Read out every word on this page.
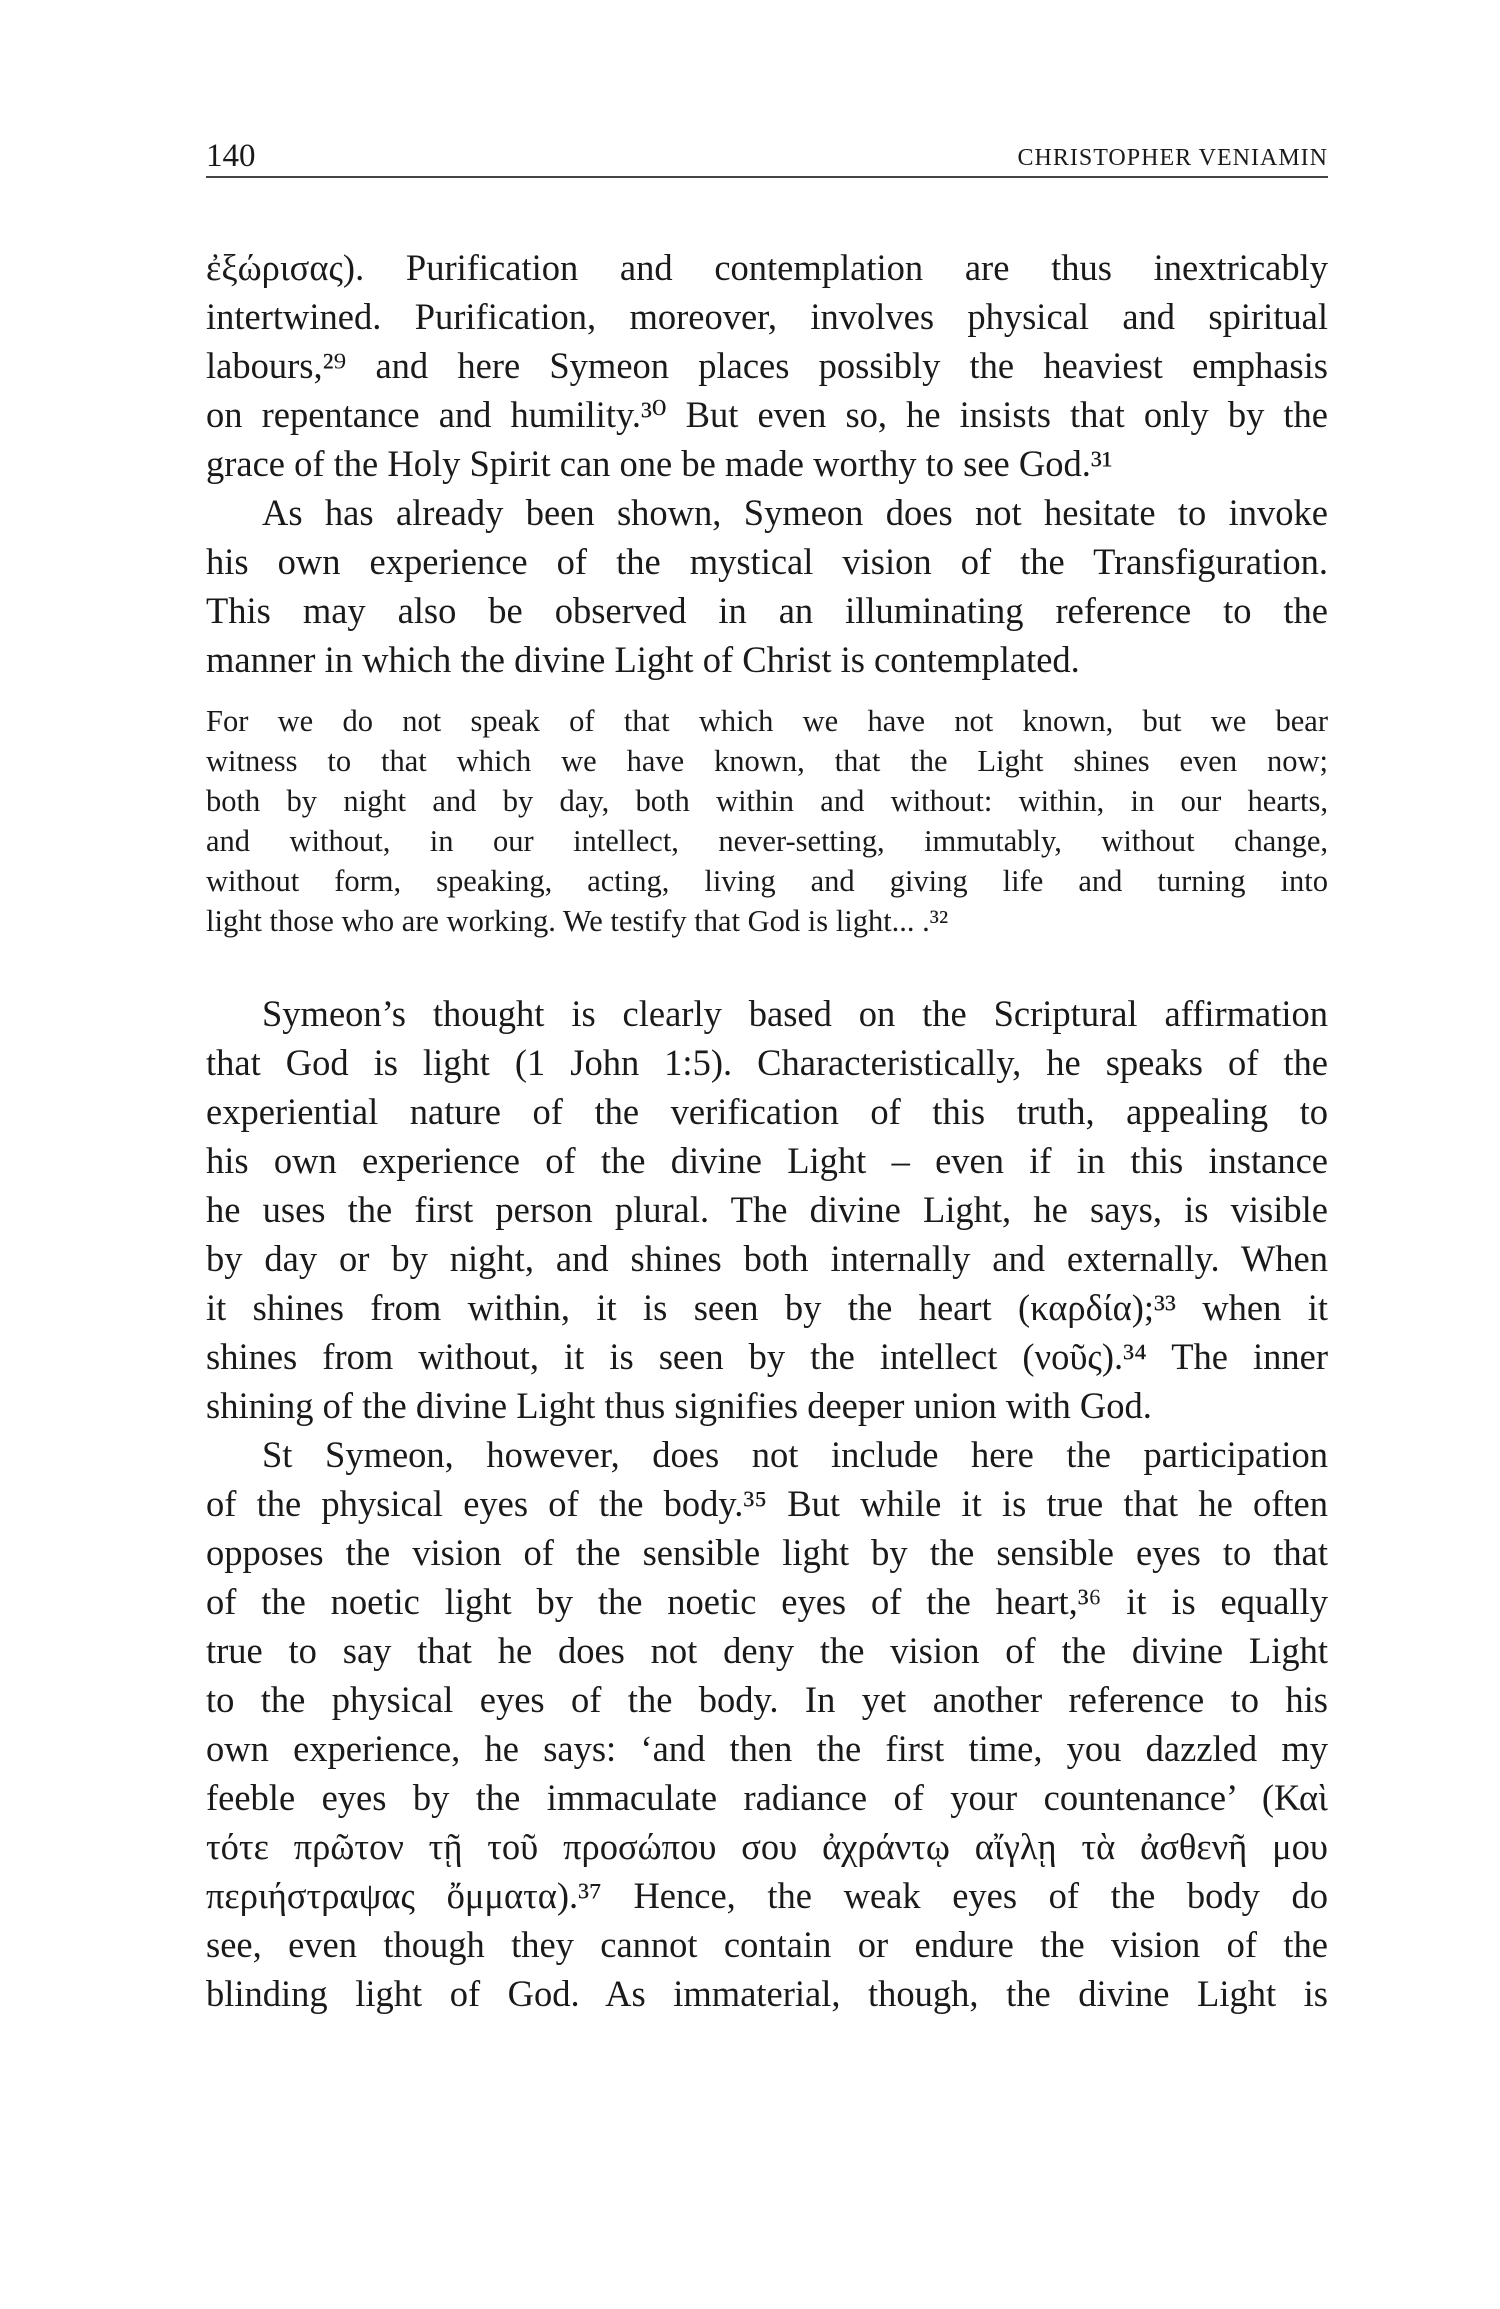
140	CHRISTOPHER VENIAMIN
ἐξώρισας). Purification and contemplation are thus inextricably
intertwined. Purification, moreover, involves physical and spiritual
labours,²⁹ and here Symeon places possibly the heaviest emphasis
on repentance and humility.³⁰ But even so, he insists that only by the
grace of the Holy Spirit can one be made worthy to see God.³¹
As has already been shown, Symeon does not hesitate to invoke
his own experience of the mystical vision of the Transfiguration.
This may also be observed in an illuminating reference to the
manner in which the divine Light of Christ is contemplated.
For we do not speak of that which we have not known, but we bear
witness to that which we have known, that the Light shines even now;
both by night and by day, both within and without: within, in our hearts,
and without, in our intellect, never-setting, immutably, without change,
without form, speaking, acting, living and giving life and turning into
light those who are working. We testify that God is light... .³²
Symeon’s thought is clearly based on the Scriptural affirmation
that God is light (1 John 1:5). Characteristically, he speaks of the
experiential nature of the verification of this truth, appealing to
his own experience of the divine Light – even if in this instance
he uses the first person plural. The divine Light, he says, is visible
by day or by night, and shines both internally and externally. When
it shines from within, it is seen by the heart (καρδία);³³ when it
shines from without, it is seen by the intellect (νοῦς).³⁴ The inner
shining of the divine Light thus signifies deeper union with God.
St Symeon, however, does not include here the participation
of the physical eyes of the body.³⁵ But while it is true that he often
opposes the vision of the sensible light by the sensible eyes to that
of the noetic light by the noetic eyes of the heart,³⁶ it is equally
true to say that he does not deny the vision of the divine Light
to the physical eyes of the body. In yet another reference to his
own experience, he says: ‘and then the first time, you dazzled my
feeble eyes by the immaculate radiance of your countenance’ (Καὶ
τότε πρῶτον τῇ τοῦ προσώπου σου ἀχράντῳ αἴγλῃ τὰ ἀσθενῆ μου
περιήστραψας ὄμματα).³⁷ Hence, the weak eyes of the body do
see, even though they cannot contain or endure the vision of the
blinding light of God. As immaterial, though, the divine Light is
